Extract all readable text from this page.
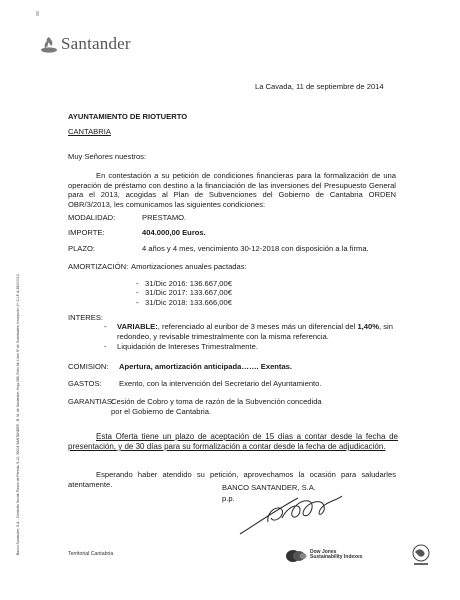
Santander
La Cavada, 11 de septiembre de 2014
AYUNTAMIENTO DE RIOTUERTO
CANTABRIA
Muy Señores nuestros:
En contestación a su petición de condiciones financieras para la formalización de una operación de préstamo con destino a la financiación de las inversiones del Presupuesto General para el 2013, acogidas al Plan de Subvenciones del Gobierno de Cantabria ORDEN OBR/3/2013, les comunicamos las siguientes condiciones:
MODALIDAD:	PRESTAMO.
IMPORTE:	404.000,00 Euros.
PLAZO:	4 años y 4 mes, vencimiento 30-12-2018 con disposición a la firma.
AMORTIZACIÓN: Amortizaciones anuales pactadas:
- 31/Dic 2016: 136.667,00€
- 31/Dic 2017: 133.667,00€
- 31/Dic 2018: 133.666,00€
INTERES:
- VARIABLE:, referenciado al euribor de 3 meses más un diferencial del 1,40%, sin redondeo, y revisable trimestralmente con la misma referencia.
- Liquidación de Intereses Trimestralmente.
COMISION: Apertura, amortización anticipada……. Exentas.
GASTOS: Exento, con la intervención del Secretario del Ayuntamiento.
GARANTIAS:
Cesión de Cobro y toma de razón de la Subvención concedida por el Gobierno de Cantabria.
Esta Oferta tiene un plazo de aceptación de 15 días a contar desde la fecha de presentación, y de 30 días para su formalización a contar desde la fecha de adjudicación.
Esperando haber atendido su petición, aprovechamos la ocasión para saludarles atentamente.	BANCO SANTANDER, S.A.
p.p.
Territorial Cantabria	Dow Jones
Sustainability Indexes
Banco Santander, S.A. - Domicilio Social: Paseo de Pereda, 9-12, 39004 SANTANDER - R. M. de Santander, Hoja 286, Folio 64, Libro 5º de Sociedades, Inscripción 1ª. C.I.F. A-39000013
